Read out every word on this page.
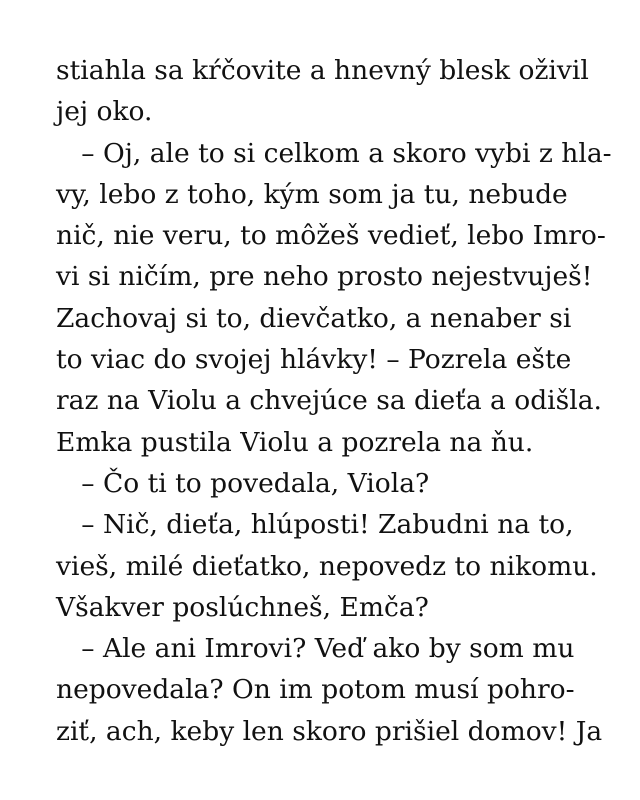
stiahla sa kŕčovite a hnevný blesk oživil
jej oko.
– Oj, ale to si celkom a skoro vybi z hla-
vy, lebo z toho, kým som ja tu, nebude
nič, nie veru, to môžeš vedieť, lebo Imro-
vi si ničím, pre neho prosto nejestvuješ!
Zachovaj si to, dievčatko, a nenaber si
to viac do svojej hlávky! – Pozrela ešte
raz na Violu a chvejúce sa dieťa a odišla.
Emka pustila Violu a pozrela na ňu.
– Čo ti to povedala, Viola?
– Nič, dieťa, hlúposti! Zabudni na to,
vieš, milé dieťatko, nepovedz to nikomu.
Všakver poslúchneš, Emča?
– Ale ani Imrovi? Veď ako by som mu
nepovedala? On im potom musí pohro-
ziť, ach, keby len skoro prišiel domov! Ja
